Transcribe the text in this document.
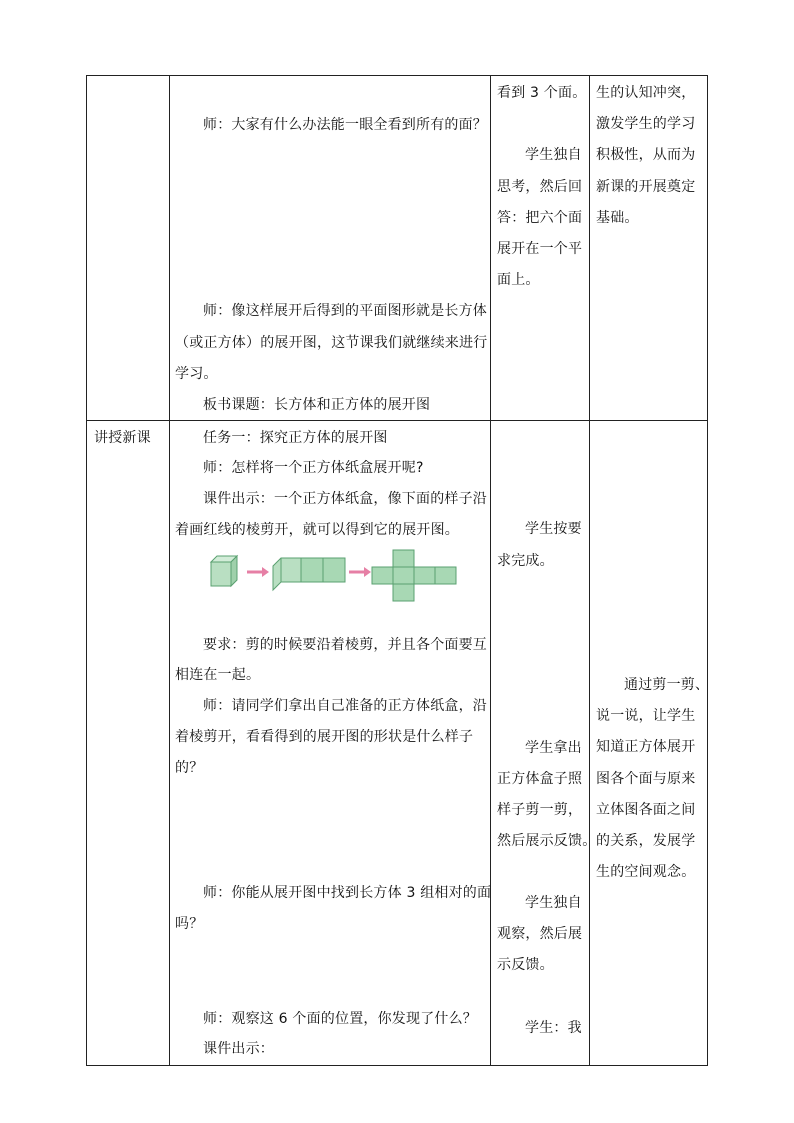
师：大家有什么办法能一眼全看到所有的面？
师：像这样展开后得到的平面图形就是长方体
（或正方体）的展开图，这节课我们就继续来进行
学习。
板书课题：长方体和正方体的展开图
看到 3 个面。
学生独自
思考，然后回
答：把六个面
展开在一个平
面上。
生的认知冲突，
激发学生的学习
积极性，从而为
新课的开展奠定
基础。
讲授新课	任务一：探究正方体的展开图
师：怎样将一个正方体纸盒展开呢?
课件出示：一个正方体纸盒，像下面的样子沿
着画红线的棱剪开，就可以得到它的展开图。
要求：剪的时候要沿着棱剪，并且各个面要互
相连在一起。
师：请同学们拿出自己准备的正方体纸盒，沿
着棱剪开，看看得到的展开图的形状是什么样子
的？
师：你能从展开图中找到长方体 3 组相对的面
吗？
师：观察这 6 个面的位置，你发现了什么？
课件出示：
学生按要
求完成。
学生拿出
正方体盒子照
样子剪一剪，
然后展示反馈。
学生独自
观察，然后展
示反馈。
学生：我
通过剪一剪、
说一说，让学生
知道正方体展开
图各个面与原来
立体图各面之间
的关系，发展学
生的空间观念。
